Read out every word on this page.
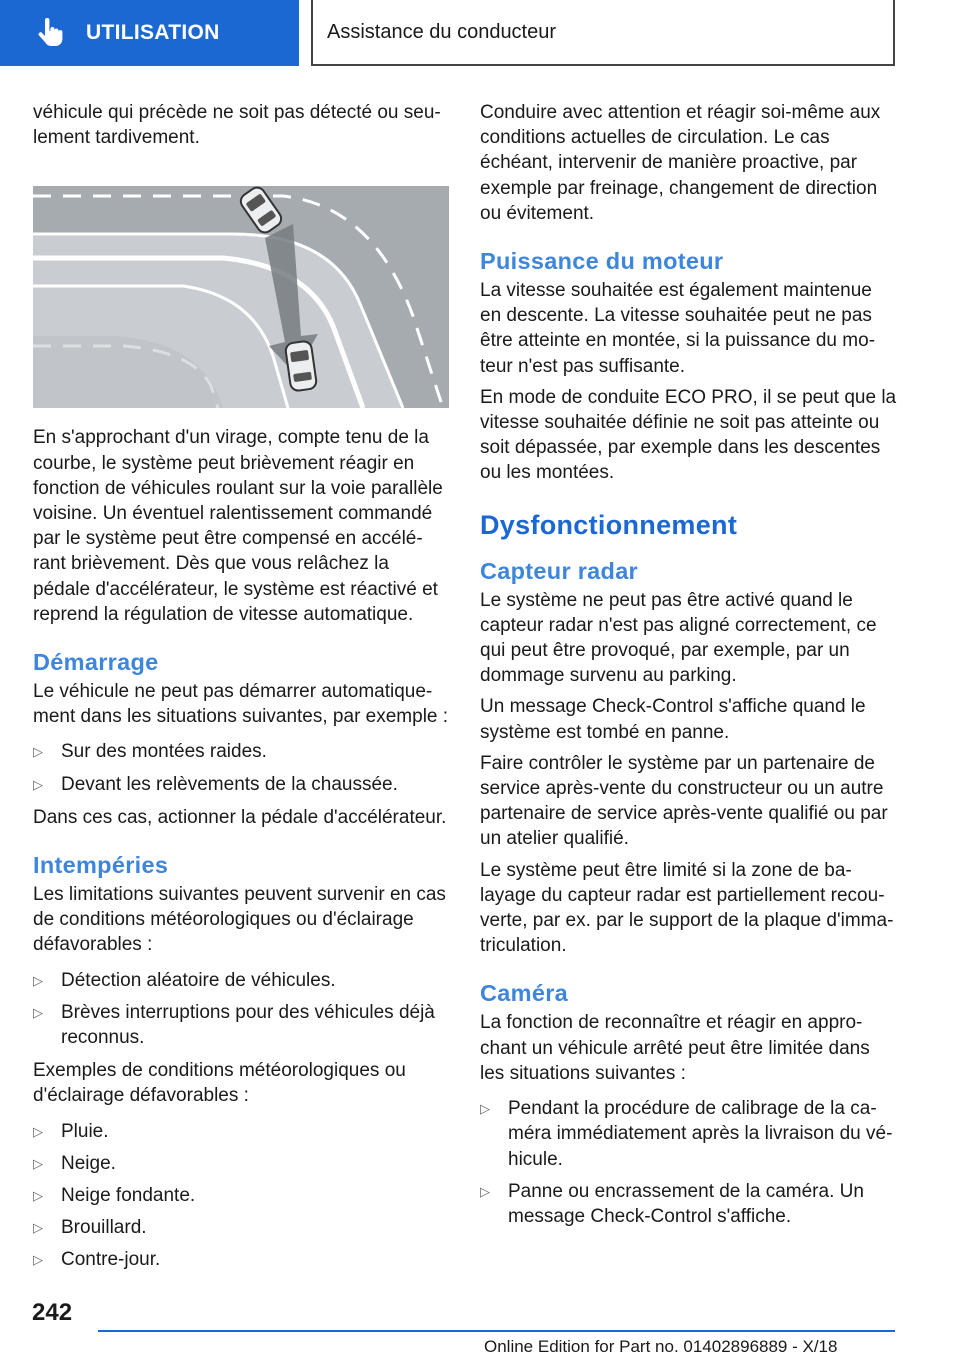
UTILISATION	Assistance du conducteur

véhicule qui précède ne soit pas détecté ou seulement tardivement.

En s'approchant d'un virage, compte tenu de la courbe, le système peut brièvement réagir en fonction de véhicules roulant sur la voie parallèle voisine. Un éventuel ralentissement commandé par le système peut être compensé en accélérant brièvement. Dès que vous relâchez la pédale d'accélérateur, le système est réactivé et reprend la régulation de vitesse automatique.

Démarrage

Le véhicule ne peut pas démarrer automatiquement dans les situations suivantes, par exemple :

▷ Sur des montées raides.
▷ Devant les relèvements de la chaussée.

Dans ces cas, actionner la pédale d'accélérateur.

Intempéries

Les limitations suivantes peuvent survenir en cas de conditions météorologiques ou d'éclairage défavorables :

▷ Détection aléatoire de véhicules.
▷ Brèves interruptions pour des véhicules déjà reconnus.

Exemples de conditions météorologiques ou d'éclairage défavorables :

▷ Pluie.
▷ Neige.
▷ Neige fondante.
▷ Brouillard.
▷ Contre-jour.

Conduire avec attention et réagir soi-même aux conditions actuelles de circulation. Le cas échéant, intervenir de manière proactive, par exemple par freinage, changement de direction ou évitement.

Puissance du moteur

La vitesse souhaitée est également maintenue en descente. La vitesse souhaitée peut ne pas être atteinte en montée, si la puissance du moteur n'est pas suffisante.

En mode de conduite ECO PRO, il se peut que la vitesse souhaitée définie ne soit pas atteinte ou soit dépassée, par exemple dans les descentes ou les montées.

Dysfonctionnement
Capteur radar

Le système ne peut pas être activé quand le capteur radar n'est pas aligné correctement, ce qui peut être provoqué, par exemple, par un dommage survenu au parking.

Un message Check-Control s'affiche quand le système est tombé en panne.

Faire contrôler le système par un partenaire de service après-vente du constructeur ou un autre partenaire de service après-vente qualifié ou par un atelier qualifié.

Le système peut être limité si la zone de balayage du capteur radar est partiellement recouverte, par ex. par le support de la plaque d'immatriculation.

Caméra

La fonction de reconnaître et réagir en approchant un véhicule arrêté peut être limitée dans les situations suivantes :

▷ Pendant la procédure de calibrage de la caméra immédiatement après la livraison du véhicule.
▷ Panne ou encrassement de la caméra. Un message Check-Control s'affiche.
242
Online Edition for Part no. 01402896889 - X/18
